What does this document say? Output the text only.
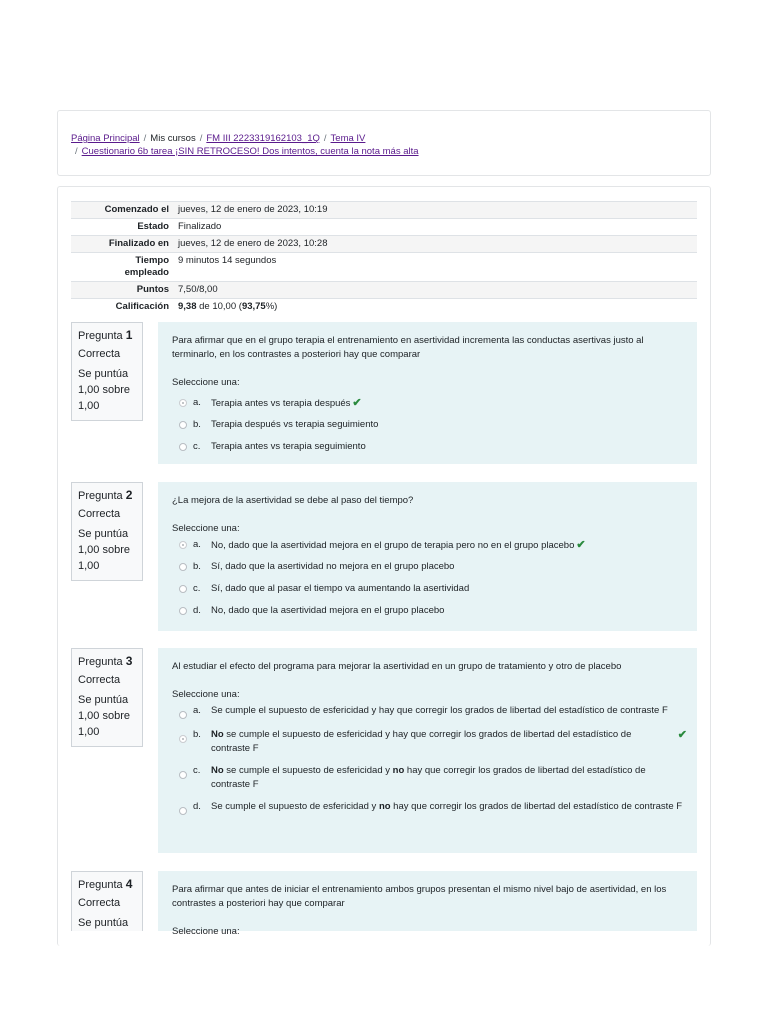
Página Principal / Mis cursos / FM III 2223319162103_1Q / Tema IV
/ Cuestionario 6b tarea ¡SIN RETROCESO! Dos intentos, cuenta la nota más alta
Comenzado el	jueves, 12 de enero de 2023, 10:19
Estado	Finalizado
Finalizado en	jueves, 12 de enero de 2023, 10:28
Tiempo
empleado	9 minutos 14 segundos
Puntos	7,50/8,00
Calificación	9,38 de 10,00 (93,75%)
Pregunta 1
Correcta
Se puntúa
1,00 sobre
1,00
Para afirmar que en el grupo terapia el entrenamiento en asertividad incrementa las conductas asertivas justo al terminarlo, en los contrastes a posteriori hay que comparar
Seleccione una:
a. Terapia antes vs terapia después ✔
b. Terapia después vs terapia seguimiento
c. Terapia antes vs terapia seguimiento
Pregunta 2
Correcta
Se puntúa
1,00 sobre
1,00
¿La mejora de la asertividad se debe al paso del tiempo?
Seleccione una:
a. No, dado que la asertividad mejora en el grupo de terapia pero no en el grupo placebo ✔
b. Sí, dado que la asertividad no mejora en el grupo placebo
c. Sí, dado que al pasar el tiempo va aumentando la asertividad
d. No, dado que la asertividad mejora en el grupo placebo
Pregunta 3
Correcta
Se puntúa
1,00 sobre
1,00
Al estudiar el efecto del programa para mejorar la asertividad en un grupo de tratamiento y otro de placebo
Seleccione una:
a. Se cumple el supuesto de esfericidad y hay que corregir los grados de libertad del estadístico de contraste F
b. No se cumple el supuesto de esfericidad y hay que corregir los grados de libertad del estadístico de contraste F
✔
c. No se cumple el supuesto de esfericidad y no hay que corregir los grados de libertad del estadístico de contraste F
d. Se cumple el supuesto de esfericidad y no hay que corregir los grados de libertad del estadístico de contraste F
Pregunta 4
Correcta
Se puntúa
Para afirmar que antes de iniciar el entrenamiento ambos grupos presentan el mismo nivel bajo de asertividad, en los contrastes a posteriori hay que comparar
Seleccione una:
